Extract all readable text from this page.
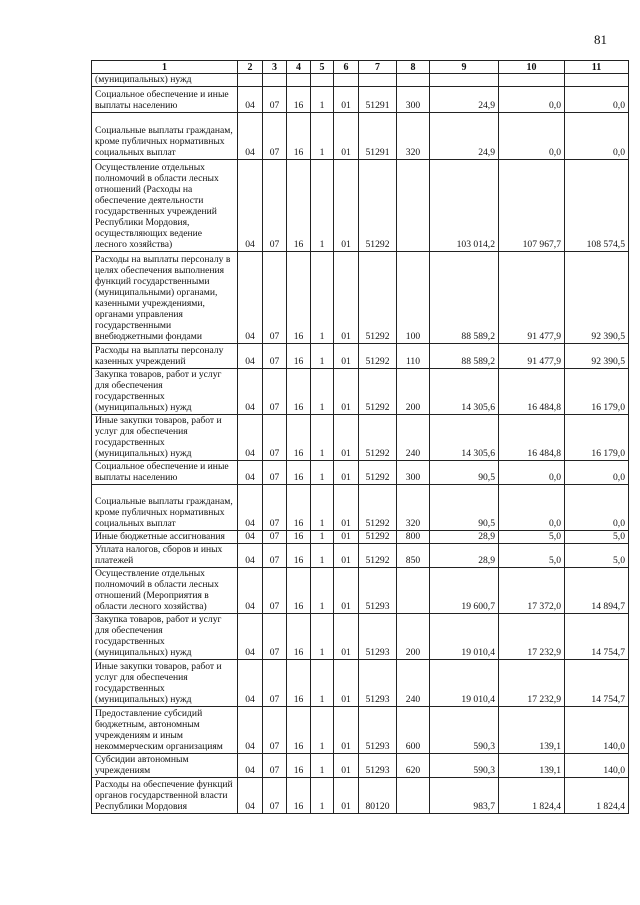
81
1	2	3	4	5	6	7	8	9	10	11
(муниципальных) нужд										
Социальное обеспечение и иные выплаты населению	04	07	16	1	01	51291	300	24,9	0,0	0,0
Социальные выплаты гражданам, кроме публичных нормативных социальных выплат	04	07	16	1	01	51291	320	24,9	0,0	0,0
Осуществление отдельных полномочий в области лесных отношений (Расходы на обеспечение деятельности государственных учреждений Республики Мордовия, осуществляющих ведение лесного хозяйства)	04	07	16	1	01	51292		103 014,2	107 967,7	108 574,5
Расходы на выплаты персоналу в целях обеспечения выполнения функций государственными (муниципальными) органами, казенными учреждениями, органами управления государственными внебюджетными фондами	04	07	16	1	01	51292	100	88 589,2	91 477,9	92 390,5
Расходы на выплаты персоналу казенных учреждений	04	07	16	1	01	51292	110	88 589,2	91 477,9	92 390,5
Закупка товаров, работ и услуг для обеспечения государственных (муниципальных) нужд	04	07	16	1	01	51292	200	14 305,6	16 484,8	16 179,0
Иные закупки товаров, работ и услуг для обеспечения государственных (муниципальных) нужд	04	07	16	1	01	51292	240	14 305,6	16 484,8	16 179,0
Социальное обеспечение и иные выплаты населению	04	07	16	1	01	51292	300	90,5	0,0	0,0
Социальные выплаты гражданам, кроме публичных нормативных социальных выплат	04	07	16	1	01	51292	320	90,5	0,0	0,0
Иные бюджетные ассигнования	04	07	16	1	01	51292	800	28,9	5,0	5,0
Уплата налогов, сборов и иных платежей	04	07	16	1	01	51292	850	28,9	5,0	5,0
Осуществление отдельных полномочий в области лесных отношений (Мероприятия в области лесного хозяйства)	04	07	16	1	01	51293		19 600,7	17 372,0	14 894,7
Закупка товаров, работ и услуг для обеспечения государственных (муниципальных) нужд	04	07	16	1	01	51293	200	19 010,4	17 232,9	14 754,7
Иные закупки товаров, работ и услуг для обеспечения государственных (муниципальных) нужд	04	07	16	1	01	51293	240	19 010,4	17 232,9	14 754,7
Предоставление субсидий бюджетным, автономным учреждениям и иным некоммерческим организациям	04	07	16	1	01	51293	600	590,3	139,1	140,0
Субсидии автономным учреждениям	04	07	16	1	01	51293	620	590,3	139,1	140,0
Расходы на обеспечение функций органов государственной власти Республики Мордовия	04	07	16	1	01	80120		983,7	1 824,4	1 824,4
